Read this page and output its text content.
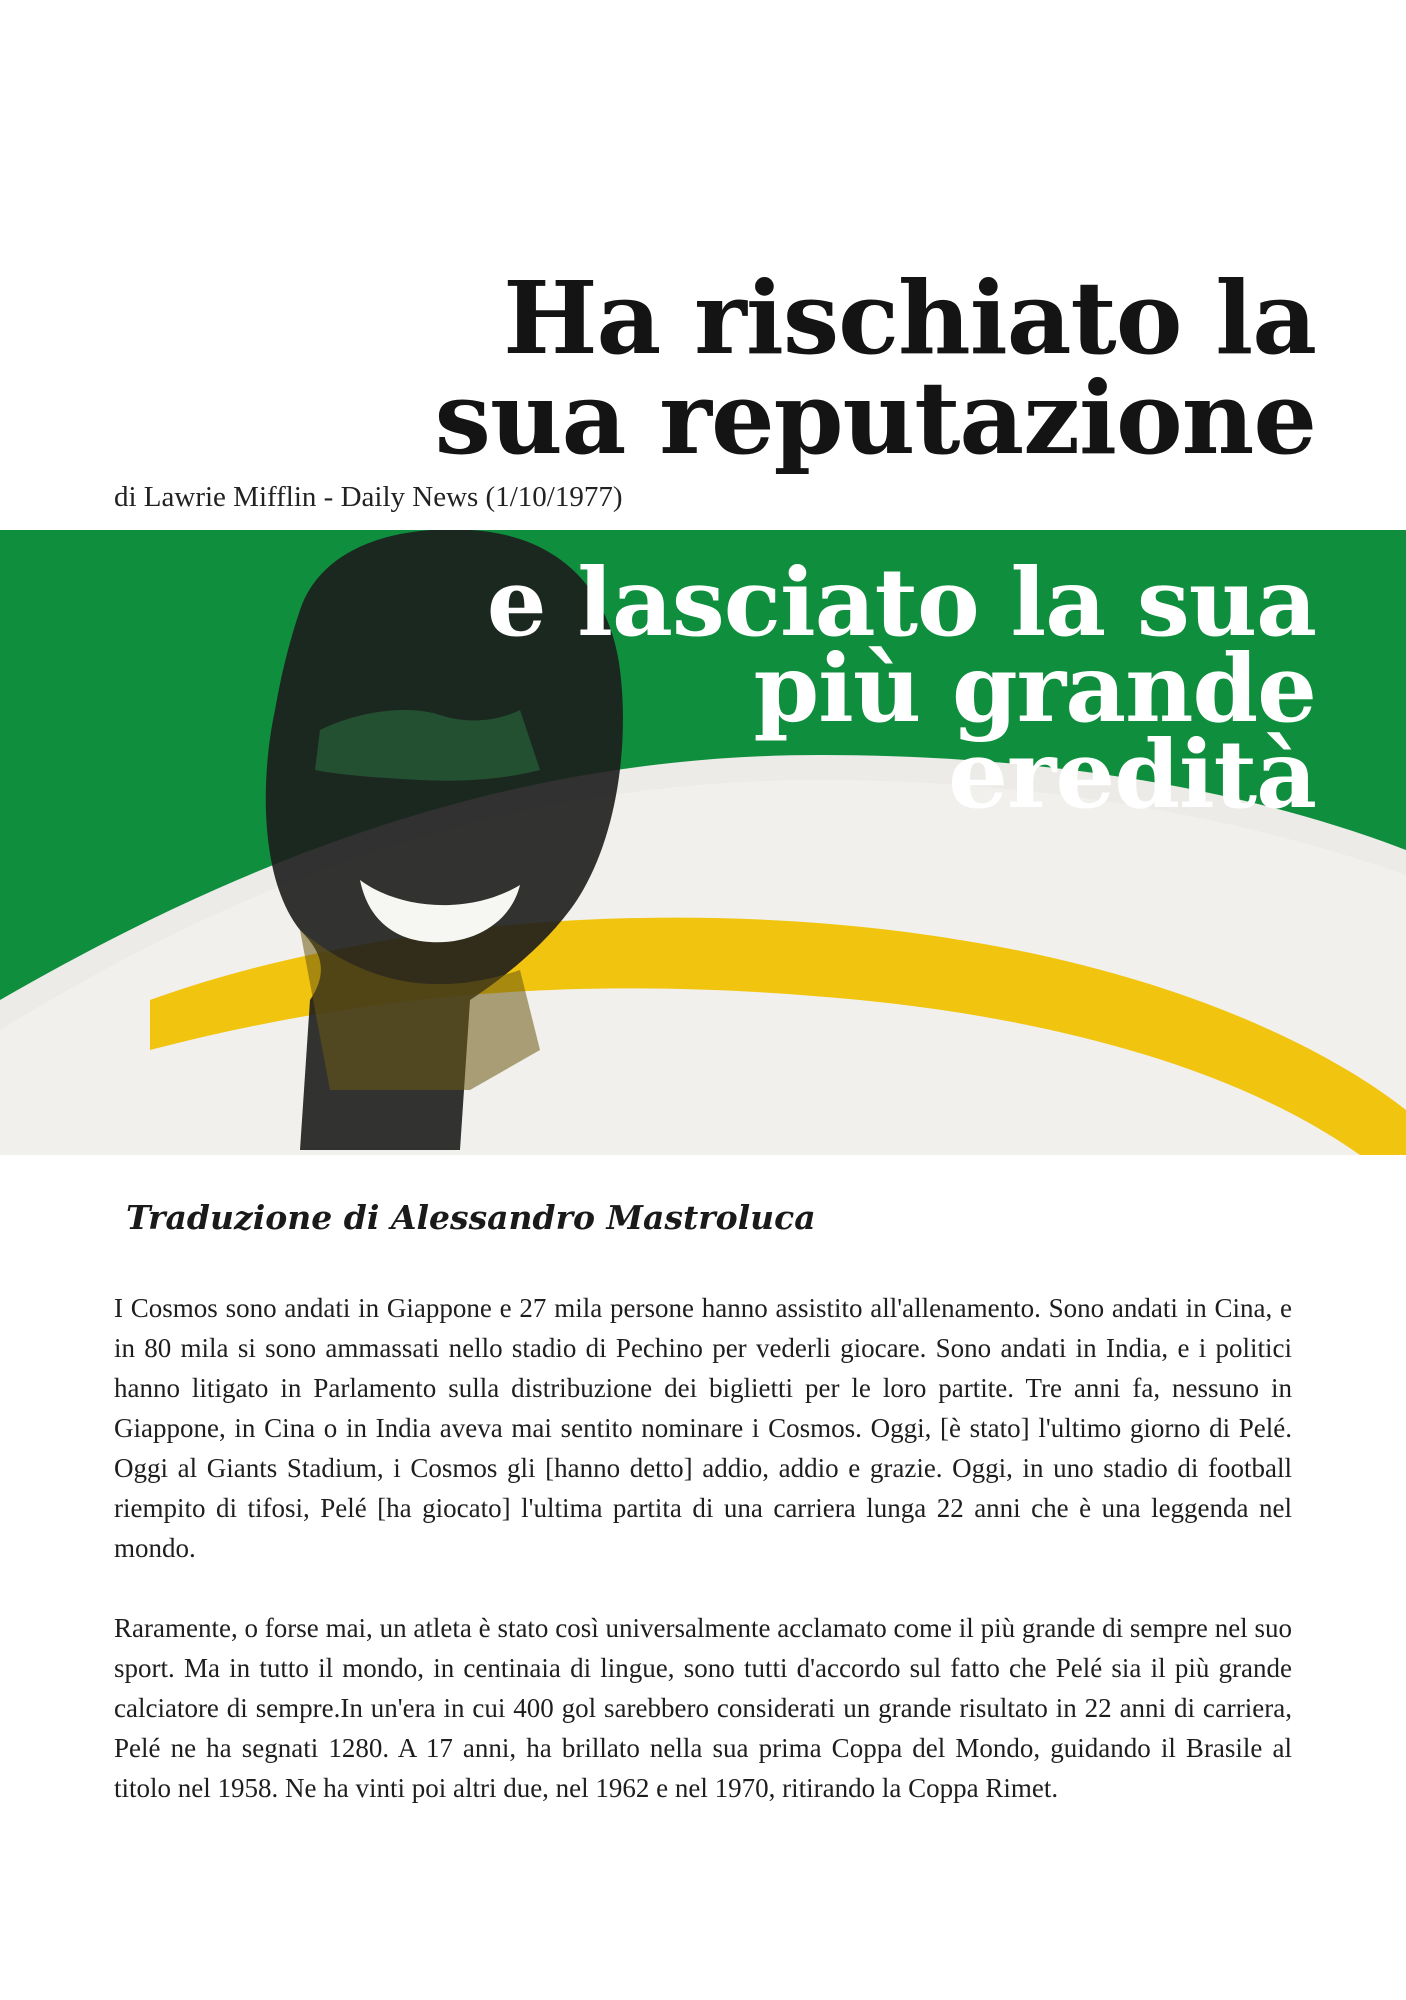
Ha rischiato la
sua reputazione
di Lawrie Mifflin - Daily News (1/10/1977)
e lasciato la sua
più grande
eredità
Traduzione di Alessandro Mastroluca

I Cosmos sono andati in Giappone e 27 mila persone hanno assistito all'allenamento. Sono andati in Cina, e in 80 mila si sono ammassati nello stadio di Pechino per vederli giocare. Sono andati in India, e i politici hanno litigato in Parlamento sulla distribuzione dei biglietti per le loro partite. Tre anni fa, nessuno in Giappone, in Cina o in India aveva mai sentito nominare i Cosmos. Oggi, [è stato] l'ultimo giorno di Pelé. Oggi al Giants Stadium, i Cosmos gli [hanno detto] addio, addio e grazie. Oggi, in uno stadio di football riempito di tifosi, Pelé [ha giocato] l'ultima partita di una carriera lunga 22 anni che è una leggenda nel mondo.

Raramente, o forse mai, un atleta è stato così universalmente acclamato come il più grande di sempre nel suo sport. Ma in tutto il mondo, in centinaia di lingue, sono tutti d'accordo sul fatto che Pelé sia il più grande calciatore di sempre.In un'era in cui 400 gol sarebbero considerati un grande risultato in 22 anni di carriera, Pelé ne ha segnati 1280. A 17 anni, ha brillato nella sua prima Coppa del Mondo, guidando il Brasile al titolo nel 1958. Ne ha vinti poi altri due, nel 1962 e nel 1970, ritirando la Coppa Rimet.
